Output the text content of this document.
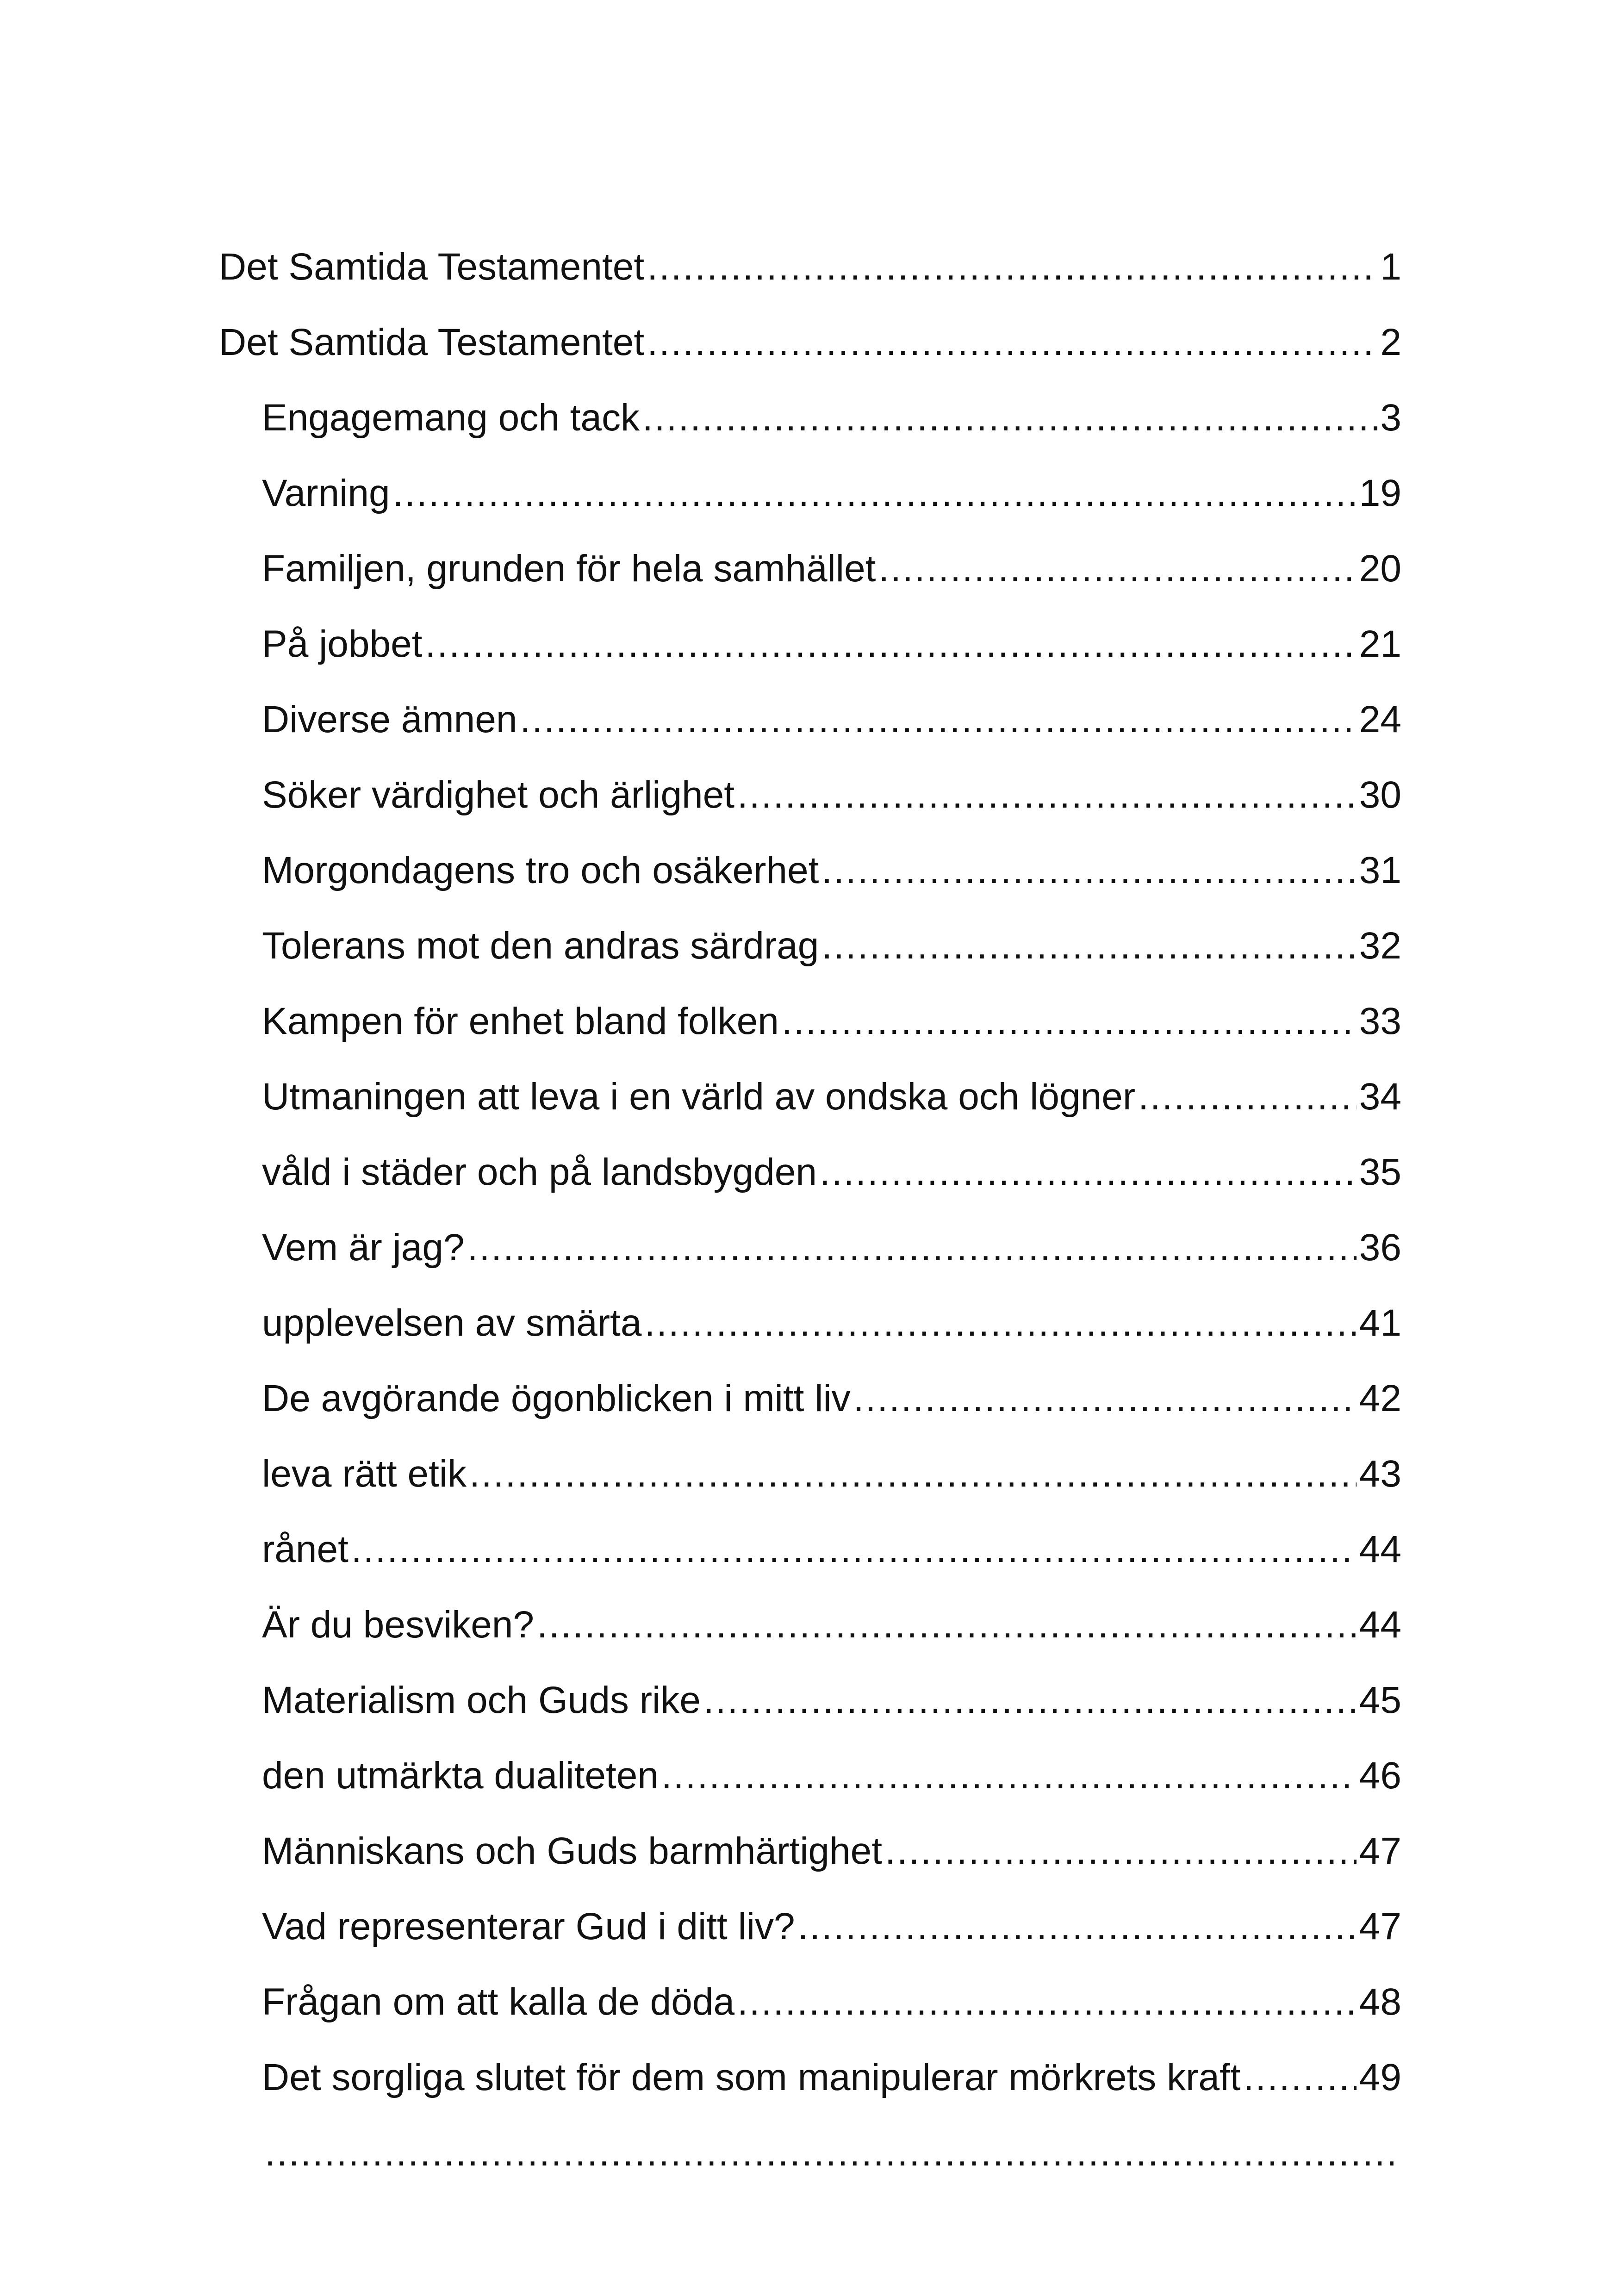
Det Samtida Testamentet .....	1
Det Samtida Testamentet .....	2
Engagemang och tack .....	3
Varning .....	19
Familjen, grunden för hela samhället .....	20
På jobbet .....	21
Diverse ämnen .....	24
Söker värdighet och ärlighet .....	30
Morgondagens tro och osäkerhet .....	31
Tolerans mot den andras särdrag .....	32
Kampen för enhet bland folken .....	33
Utmaningen att leva i en värld av ondska och lögner .....	34
våld i städer och på landsbygden .....	35
Vem är jag? .....	36
upplevelsen av smärta .....	41
De avgörande ögonblicken i mitt liv .....	42
leva rätt etik .....	43
rånet .....	44
Är du besviken? .....	44
Materialism och Guds rike .....	45
den utmärkta dualiteten .....	46
Människans och Guds barmhärtighet .....	47
Vad representerar Gud i ditt liv? .....	47
Frågan om att kalla de döda .....	48
Det sorgliga slutet för dem som manipulerar mörkrets kraft .....	49
.....
